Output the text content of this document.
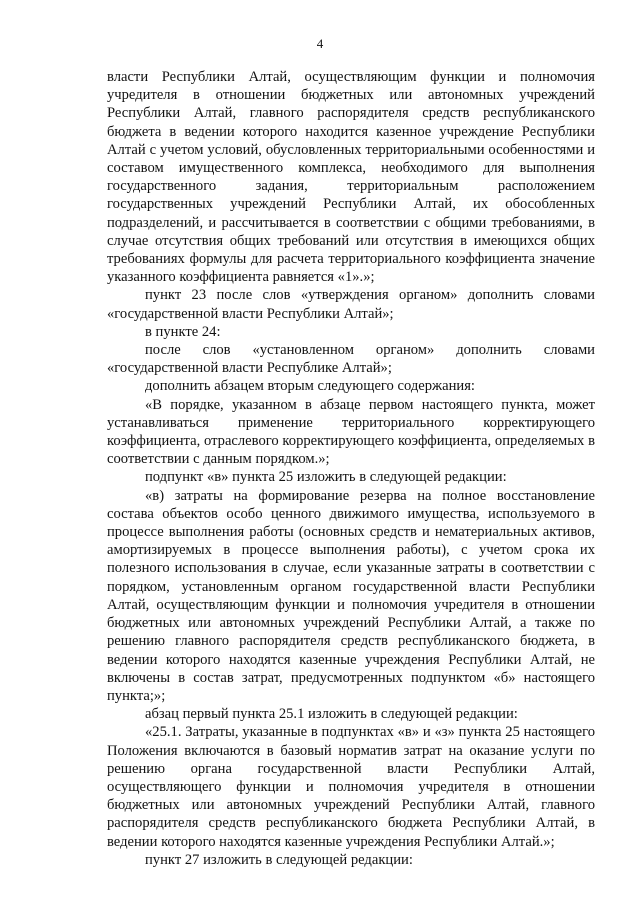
4

власти Республики Алтай, осуществляющим функции и полномочия учредителя в отношении бюджетных или автономных учреждений Республики Алтай, главного распорядителя средств республиканского бюджета в ведении которого находится казенное учреждение Республики Алтай с учетом условий, обусловленных территориальными особенностями и составом имущественного комплекса, необходимого для выполнения государственного задания, территориальным расположением государственных учреждений Республики Алтай, их обособленных подразделений, и рассчитывается в соответствии с общими требованиями, в случае отсутствия общих требований или отсутствия в имеющихся общих требованиях формулы для расчета территориального коэффициента значение указанного коэффициента равняется «1».»;

пункт 23 после слов «утверждения органом» дополнить словами «государственной власти Республики Алтай»;

в пункте 24:

после слов «установленном органом» дополнить словами «государственной власти Республике Алтай»;

дополнить абзацем вторым следующего содержания:

«В порядке, указанном в абзаце первом настоящего пункта, может устанавливаться применение территориального корректирующего коэффициента, отраслевого корректирующего коэффициента, определяемых в соответствии с данным порядком.»;

подпункт «в» пункта 25 изложить в следующей редакции:

«в) затраты на формирование резерва на полное восстановление состава объектов особо ценного движимого имущества, используемого в процессе выполнения работы (основных средств и нематериальных активов, амортизируемых в процессе выполнения работы), с учетом срока их полезного использования в случае, если указанные затраты в соответствии с порядком, установленным органом государственной власти Республики Алтай, осуществляющим функции и полномочия учредителя в отношении бюджетных или автономных учреждений Республики Алтай, а также по решению главного распорядителя средств республиканского бюджета, в ведении которого находятся казенные учреждения Республики Алтай, не включены в состав затрат, предусмотренных подпунктом «б» настоящего пункта;»;

абзац первый пункта 25.1 изложить в следующей редакции:

«25.1. Затраты, указанные в подпунктах «в» и «з» пункта 25 настоящего Положения включаются в базовый норматив затрат на оказание услуги по решению органа государственной власти Республики Алтай, осуществляющего функции и полномочия учредителя в отношении бюджетных или автономных учреждений Республики Алтай, главного распорядителя средств республиканского бюджета Республики Алтай, в ведении которого находятся казенные учреждения Республики Алтай.»;

пункт 27 изложить в следующей редакции:
